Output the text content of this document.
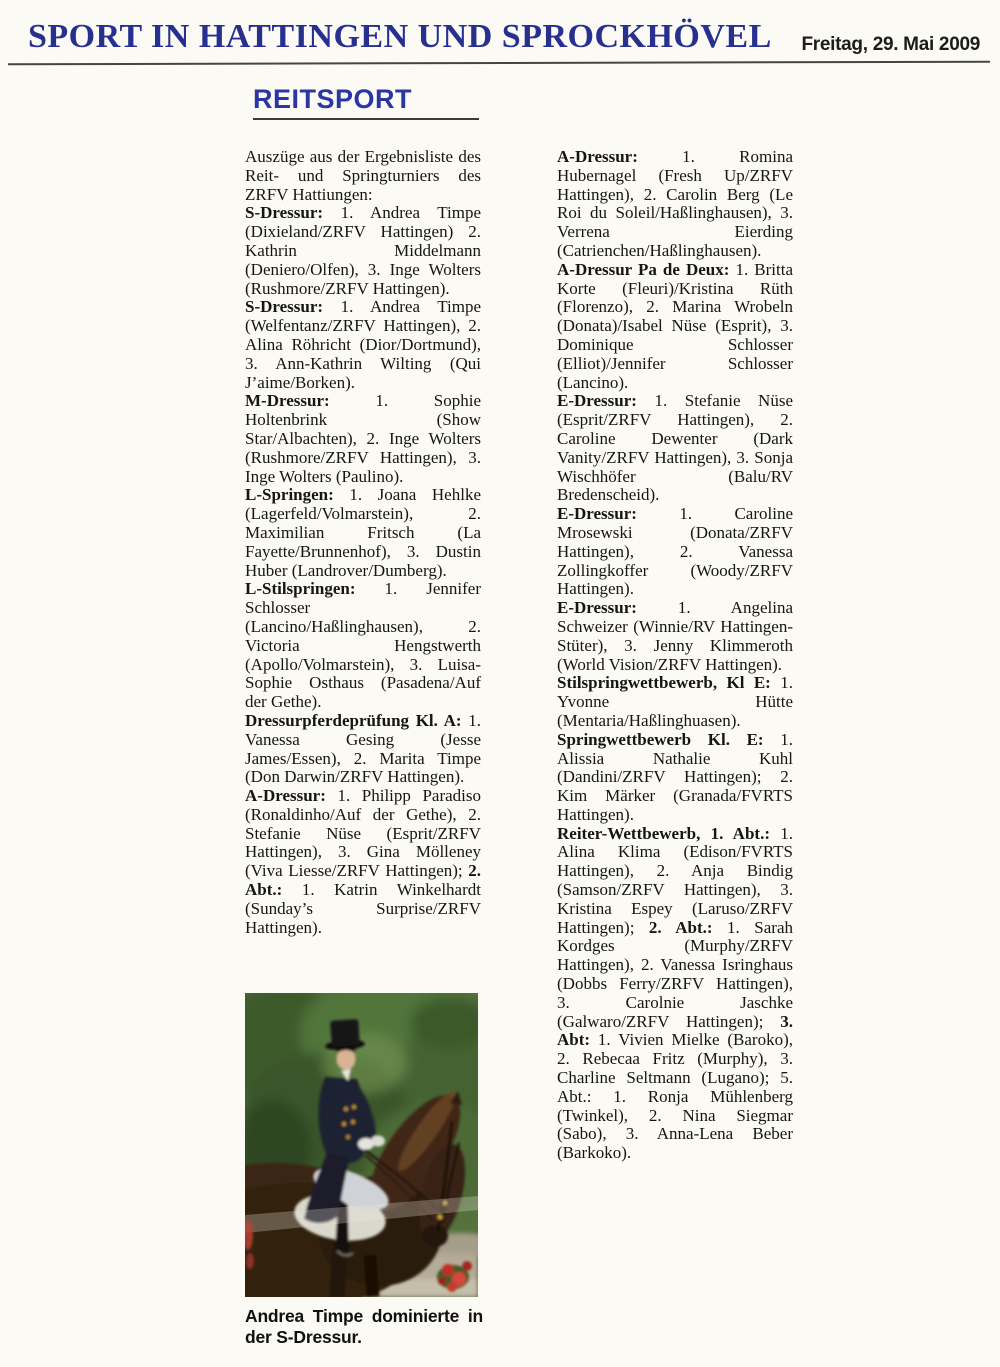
SPORT IN HATTINGEN UND SPROCKHÖVEL	Freitag, 29. Mai 2009
REITSPORT

Auszüge aus der Ergebnisliste des Reit- und Springturniers des ZRFV Hattiungen:

S-Dressur: 1. Andrea Timpe (Dixieland/ZRFV Hattingen) 2. Kathrin Middelmann (Deniero/Olfen), 3. Inge Wolters (Rushmore/ZRFV Hattingen).

S-Dressur: 1. Andrea Timpe (Welfentanz/ZRFV Hattingen), 2. Alina Röhricht (Dior/Dortmund), 3. Ann-Kathrin Wilting (Qui J’aime/Borken).

M-Dressur: 1. Sophie Holtenbrink (Show Star/Albachten), 2. Inge Wolters (Rushmore/ZRFV Hattingen), 3. Inge Wolters (Paulino).

L-Springen: 1. Joana Hehlke (Lagerfeld/Volmarstein), 2. Maximilian Fritsch (La Fayette/Brunnenhof), 3. Dustin Huber (Landrover/Dumberg).

L-Stilspringen: 1. Jennifer Schlosser (Lancino/Haßlinghausen), 2. Victoria Hengstwerth (Apollo/Volmarstein), 3. Luisa-Sophie Osthaus (Pasadena/Auf der Gethe).

Dressurpferdeprüfung Kl. A: 1. Vanessa Gesing (Jesse James/Essen), 2. Marita Timpe (Don Darwin/ZRFV Hattingen).

A-Dressur: 1. Philipp Paradiso (Ronaldinho/Auf der Gethe), 2. Stefanie Nüse (Esprit/ZRFV Hattingen), 3. Gina Mölleney (Viva Liesse/ZRFV Hattingen); 2. Abt.: 1. Katrin Winkelhardt (Sunday’s Surprise/ZRFV Hattingen).

A-Dressur: 1. Romina Hubernagel (Fresh Up/ZRFV Hattingen), 2. Carolin Berg (Le Roi du Soleil/Haßlinghausen), 3. Verrena Eierding (Catrienchen/Haßlinghausen).

A-Dressur Pa de Deux: 1. Britta Korte (Fleuri)/Kristina Rüth (Florenzo), 2. Marina Wrobeln (Donata)/Isabel Nüse (Esprit), 3. Dominique Schlosser (Elliot)/Jennifer Schlosser (Lancino).

E-Dressur: 1. Stefanie Nüse (Esprit/ZRFV Hattingen), 2. Caroline Dewenter (Dark Vanity/ZRFV Hattingen), 3. Sonja Wischhöfer (Balu/RV Bredenscheid).

E-Dressur: 1. Caroline Mrosewski (Donata/ZRFV Hattingen), 2. Vanessa Zollingkoffer (Woody/ZRFV Hattingen).

E-Dressur: 1. Angelina Schweizer (Winnie/RV Hattingen-Stüter), 3. Jenny Klimmeroth (World Vision/ZRFV Hattingen).

Stilspringwettbewerb, Kl E: 1. Yvonne Hütte (Mentaria/Haßlinghuasen).

Springwettbewerb Kl. E: 1. Alissia Nathalie Kuhl (Dandini/ZRFV Hattingen); 2. Kim Märker (Granada/FVRTS Hattingen).

Reiter-Wettbewerb, 1. Abt.: 1. Alina Klima (Edison/FVRTS Hattingen), 2. Anja Bindig (Samson/ZRFV Hattingen), 3. Kristina Espey (Laruso/ZRFV Hattingen); 2. Abt.: 1. Sarah Kordges (Murphy/ZRFV Hattingen), 2. Vanessa Isringhaus (Dobbs Ferry/ZRFV Hattingen), 3. Carolnie Jaschke (Galwaro/ZRFV Hattingen); 3. Abt: 1. Vivien Mielke (Baroko), 2. Rebecaa Fritz (Murphy), 3. Charline Seltmann (Lugano); 5. Abt.: 1. Ronja Mühlenberg (Twinkel), 2. Nina Siegmar (Sabo), 3. Anna-Lena Beber (Barkoko).

Andrea Timpe dominierte in der S-Dressur.
